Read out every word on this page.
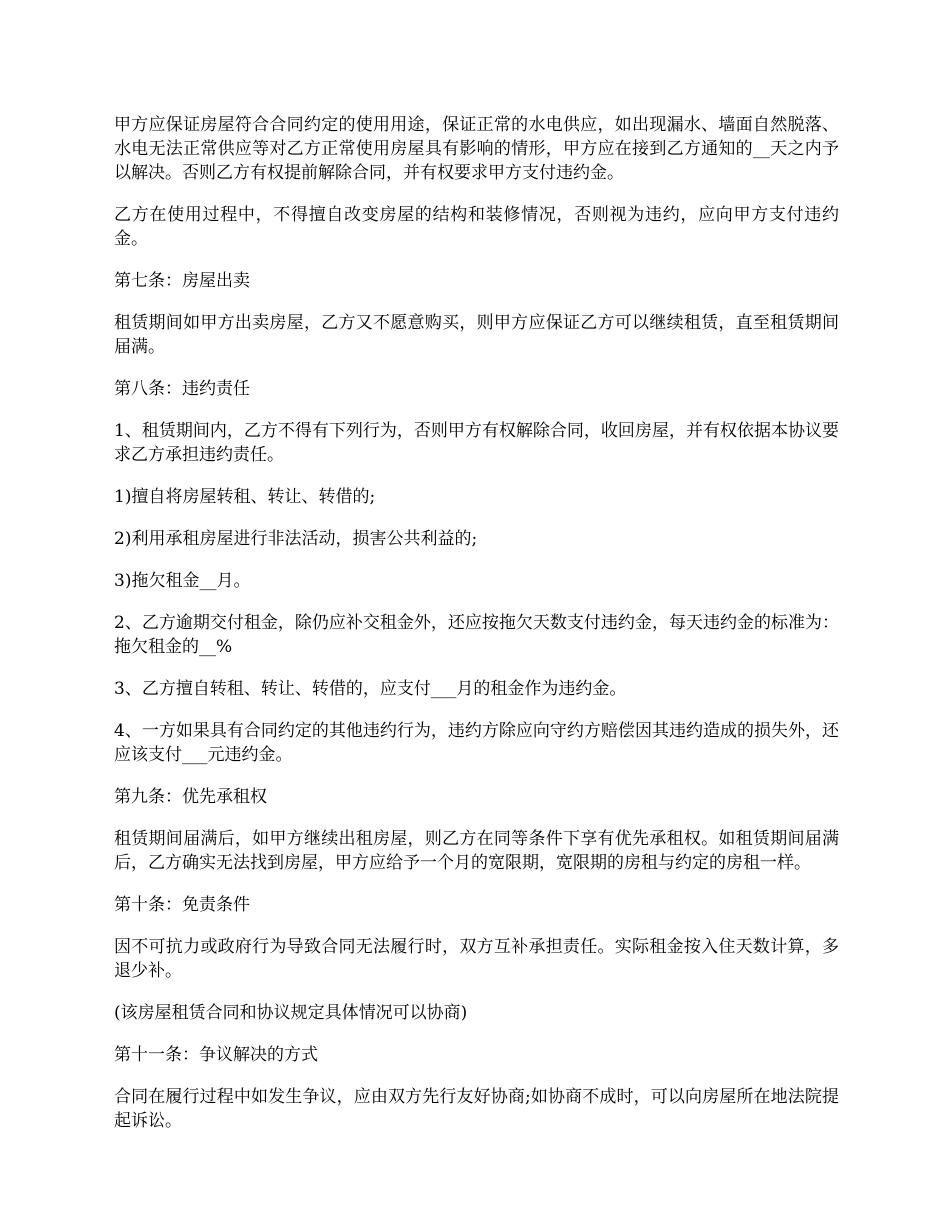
甲方应保证房屋符合合同约定的使用用途，保证正常的水电供应，如出现漏水、墙面自然脱落、水电无法正常供应等对乙方正常使用房屋具有影响的情形，甲方应在接到乙方通知的__天之内予以解决。否则乙方有权提前解除合同，并有权要求甲方支付违约金。

乙方在使用过程中，不得擅自改变房屋的结构和装修情况，否则视为违约，应向甲方支付违约金。

第七条：房屋出卖

租赁期间如甲方出卖房屋，乙方又不愿意购买，则甲方应保证乙方可以继续租赁，直至租赁期间届满。

第八条：违约责任

1、租赁期间内，乙方不得有下列行为，否则甲方有权解除合同，收回房屋，并有权依据本协议要求乙方承担违约责任。

1)擅自将房屋转租、转让、转借的;

2)利用承租房屋进行非法活动，损害公共利益的;

3)拖欠租金__月。

2、乙方逾期交付租金，除仍应补交租金外，还应按拖欠天数支付违约金，每天违约金的标准为：拖欠租金的__%

3、乙方擅自转租、转让、转借的，应支付___月的租金作为违约金。

4、一方如果具有合同约定的其他违约行为，违约方除应向守约方赔偿因其违约造成的损失外，还应该支付___元违约金。

第九条：优先承租权

租赁期间届满后，如甲方继续出租房屋，则乙方在同等条件下享有优先承租权。如租赁期间届满后，乙方确实无法找到房屋，甲方应给予一个月的宽限期，宽限期的房租与约定的房租一样。

第十条：免责条件

因不可抗力或政府行为导致合同无法履行时，双方互补承担责任。实际租金按入住天数计算，多退少补。

(该房屋租赁合同和协议规定具体情况可以协商)

第十一条：争议解决的方式

合同在履行过程中如发生争议，应由双方先行友好协商;如协商不成时，可以向房屋所在地法院提起诉讼。
